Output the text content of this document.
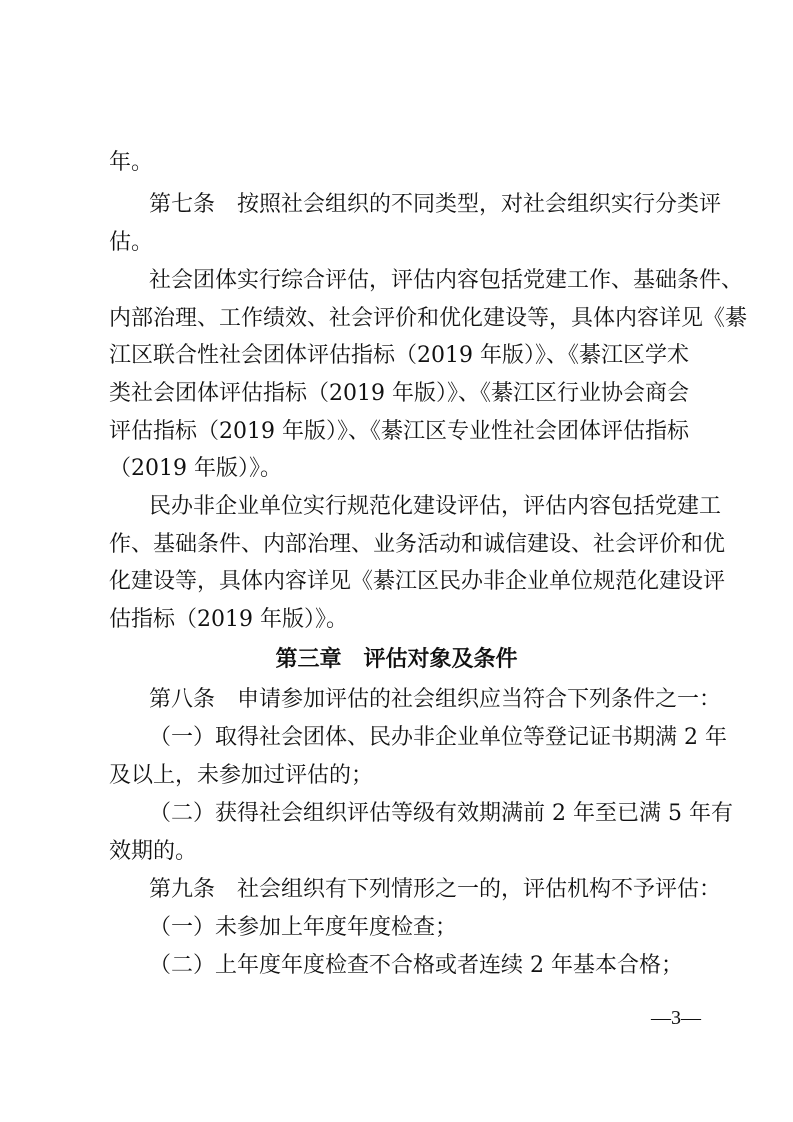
年。
第七条　按照社会组织的不同类型，对社会组织实行分类评
估。
社会团体实行综合评估，评估内容包括党建工作、基础条件、
内部治理、工作绩效、社会评价和优化建设等，具体内容详见《綦
江区联合性社会团体评估指标（2019 年版）》、《綦江区学术
类社会团体评估指标（2019 年版）》、《綦江区行业协会商会
评估指标（2019 年版）》、《綦江区专业性社会团体评估指标
（2019 年版）》。
民办非企业单位实行规范化建设评估，评估内容包括党建工
作、基础条件、内部治理、业务活动和诚信建设、社会评价和优
化建设等，具体内容详见《綦江区民办非企业单位规范化建设评
估指标（2019 年版）》。
第三章　评估对象及条件
第八条　申请参加评估的社会组织应当符合下列条件之一：
（一）取得社会团体、民办非企业单位等登记证书期满 2 年
及以上，未参加过评估的；
（二）获得社会组织评估等级有效期满前 2 年至已满 5 年有
效期的。
第九条　社会组织有下列情形之一的，评估机构不予评估：
（一）未参加上年度年度检查；
（二）上年度年度检查不合格或者连续 2 年基本合格；
—3—
